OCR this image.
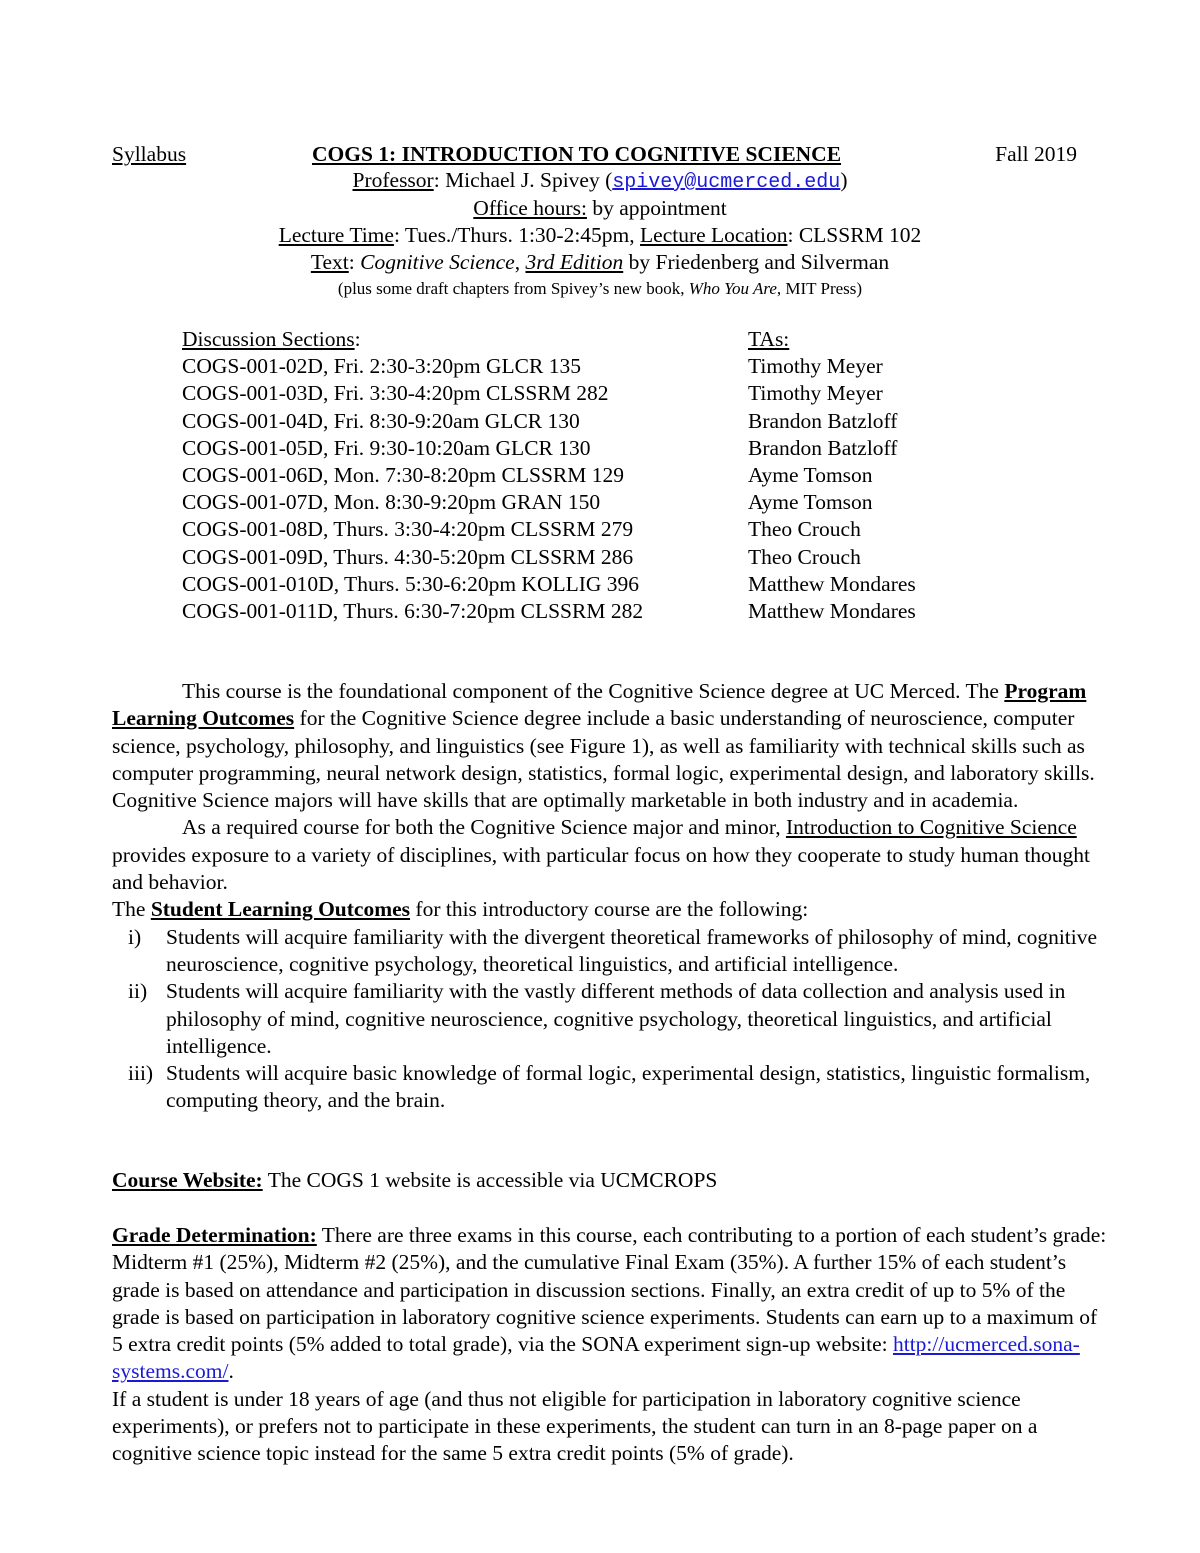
Syllabus	COGS 1: INTRODUCTION TO COGNITIVE SCIENCE	Fall 2019
Professor: Michael J. Spivey (spivey@ucmerced.edu)
Office hours: by appointment
Lecture Time: Tues./Thurs. 1:30-2:45pm, Lecture Location: CLSSRM 102
Text: Cognitive Science, 3rd Edition by Friedenberg and Silverman
(plus some draft chapters from Spivey’s new book, Who You Are, MIT Press)
Discussion Sections:	TAs:
COGS-001-02D, Fri. 2:30-3:20pm GLCR 135	Timothy Meyer
COGS-001-03D, Fri. 3:30-4:20pm CLSSRM 282	Timothy Meyer
COGS-001-04D, Fri. 8:30-9:20am GLCR 130	Brandon Batzloff
COGS-001-05D, Fri. 9:30-10:20am GLCR 130	Brandon Batzloff
COGS-001-06D, Mon. 7:30-8:20pm CLSSRM 129	Ayme Tomson
COGS-001-07D, Mon. 8:30-9:20pm GRAN 150	Ayme Tomson
COGS-001-08D, Thurs. 3:30-4:20pm CLSSRM 279	Theo Crouch
COGS-001-09D, Thurs. 4:30-5:20pm CLSSRM 286	Theo Crouch
COGS-001-010D, Thurs. 5:30-6:20pm KOLLIG 396	Matthew Mondares
COGS-001-011D, Thurs. 6:30-7:20pm CLSSRM 282	Matthew Mondares

This course is the foundational component of the Cognitive Science degree at UC Merced. The Program Learning Outcomes for the Cognitive Science degree include a basic understanding of neuroscience, computer science, psychology, philosophy, and linguistics (see Figure 1), as well as familiarity with technical skills such as computer programming, neural network design, statistics, formal logic, experimental design, and laboratory skills. Cognitive Science majors will have skills that are optimally marketable in both industry and in academia.

As a required course for both the Cognitive Science major and minor, Introduction to Cognitive Science provides exposure to a variety of disciplines, with particular focus on how they cooperate to study human thought and behavior.

The Student Learning Outcomes for this introductory course are the following:

i) Students will acquire familiarity with the divergent theoretical frameworks of philosophy of mind, cognitive neuroscience, cognitive psychology, theoretical linguistics, and artificial intelligence.
ii) Students will acquire familiarity with the vastly different methods of data collection and analysis used in philosophy of mind, cognitive neuroscience, cognitive psychology, theoretical linguistics, and artificial intelligence.
iii) Students will acquire basic knowledge of formal logic, experimental design, statistics, linguistic formalism, computing theory, and the brain.

Course Website: The COGS 1 website is accessible via UCMCROPS

Grade Determination: There are three exams in this course, each contributing to a portion of each student’s grade: Midterm #1 (25%), Midterm #2 (25%), and the cumulative Final Exam (35%). A further 15% of each student’s grade is based on attendance and participation in discussion sections. Finally, an extra credit of up to 5% of the grade is based on participation in laboratory cognitive science experiments. Students can earn up to a maximum of 5 extra credit points (5% added to total grade), via the SONA experiment sign-up website: http://ucmerced.sona-systems.com/.

If a student is under 18 years of age (and thus not eligible for participation in laboratory cognitive science experiments), or prefers not to participate in these experiments, the student can turn in an 8-page paper on a cognitive science topic instead for the same 5 extra credit points (5% of grade).
